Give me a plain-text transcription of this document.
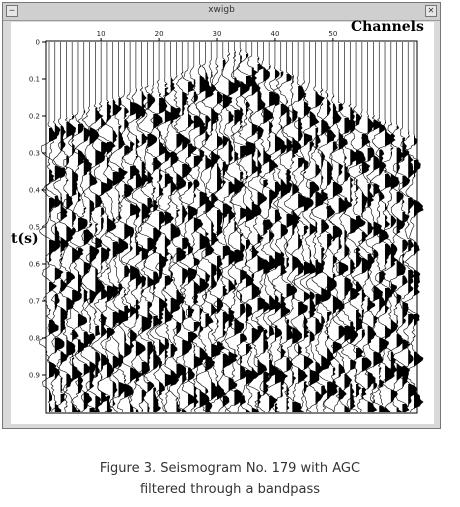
─	xwigb	✕
10	20	30	40	50
0
0.1
0.2
0.3
0.4
0.5
0.6
0.7
0.8
0.9
Channels
t(s)
Figure 3. Seismogram No. 179 with AGC
filtered through a bandpass
